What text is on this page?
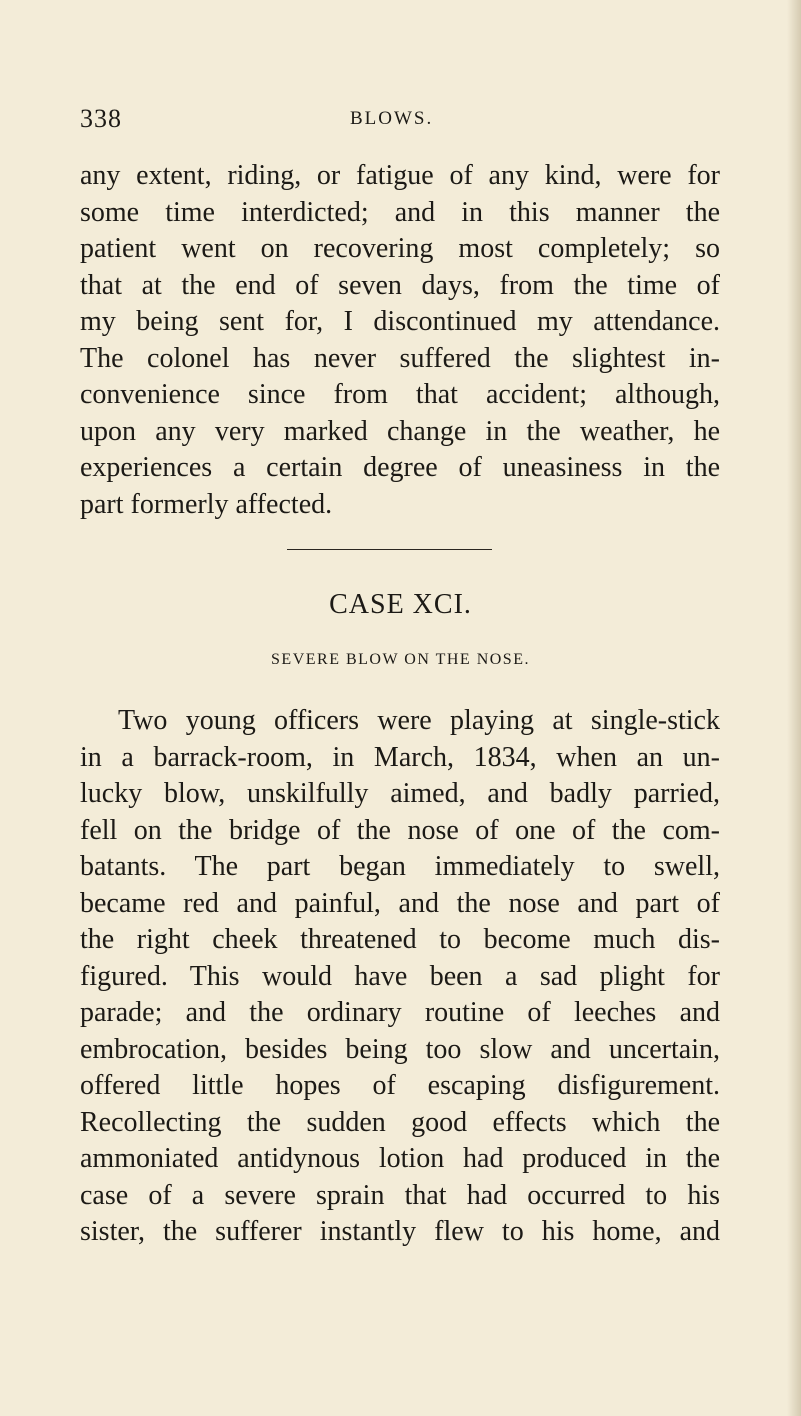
338	BLOWS.
any extent, riding, or fatigue of any kind, were for
some time interdicted; and in this manner the
patient went on recovering most completely; so
that at the end of seven days, from the time of
my being sent for, I discontinued my attendance.
The colonel has never suffered the slightest in-
convenience since from that accident; although,
upon any very marked change in the weather, he
experiences a certain degree of uneasiness in the
part formerly affected.
CASE XCI.
SEVERE BLOW ON THE NOSE.
Two young officers were playing at single-stick
in a barrack-room, in March, 1834, when an un-
lucky blow, unskilfully aimed, and badly parried,
fell on the bridge of the nose of one of the com-
batants. The part began immediately to swell,
became red and painful, and the nose and part of
the right cheek threatened to become much dis-
figured. This would have been a sad plight for
parade; and the ordinary routine of leeches and
embrocation, besides being too slow and uncertain,
offered little hopes of escaping disfigurement.
Recollecting the sudden good effects which the
ammoniated antidynous lotion had produced in the
case of a severe sprain that had occurred to his
sister, the sufferer instantly flew to his home, and
